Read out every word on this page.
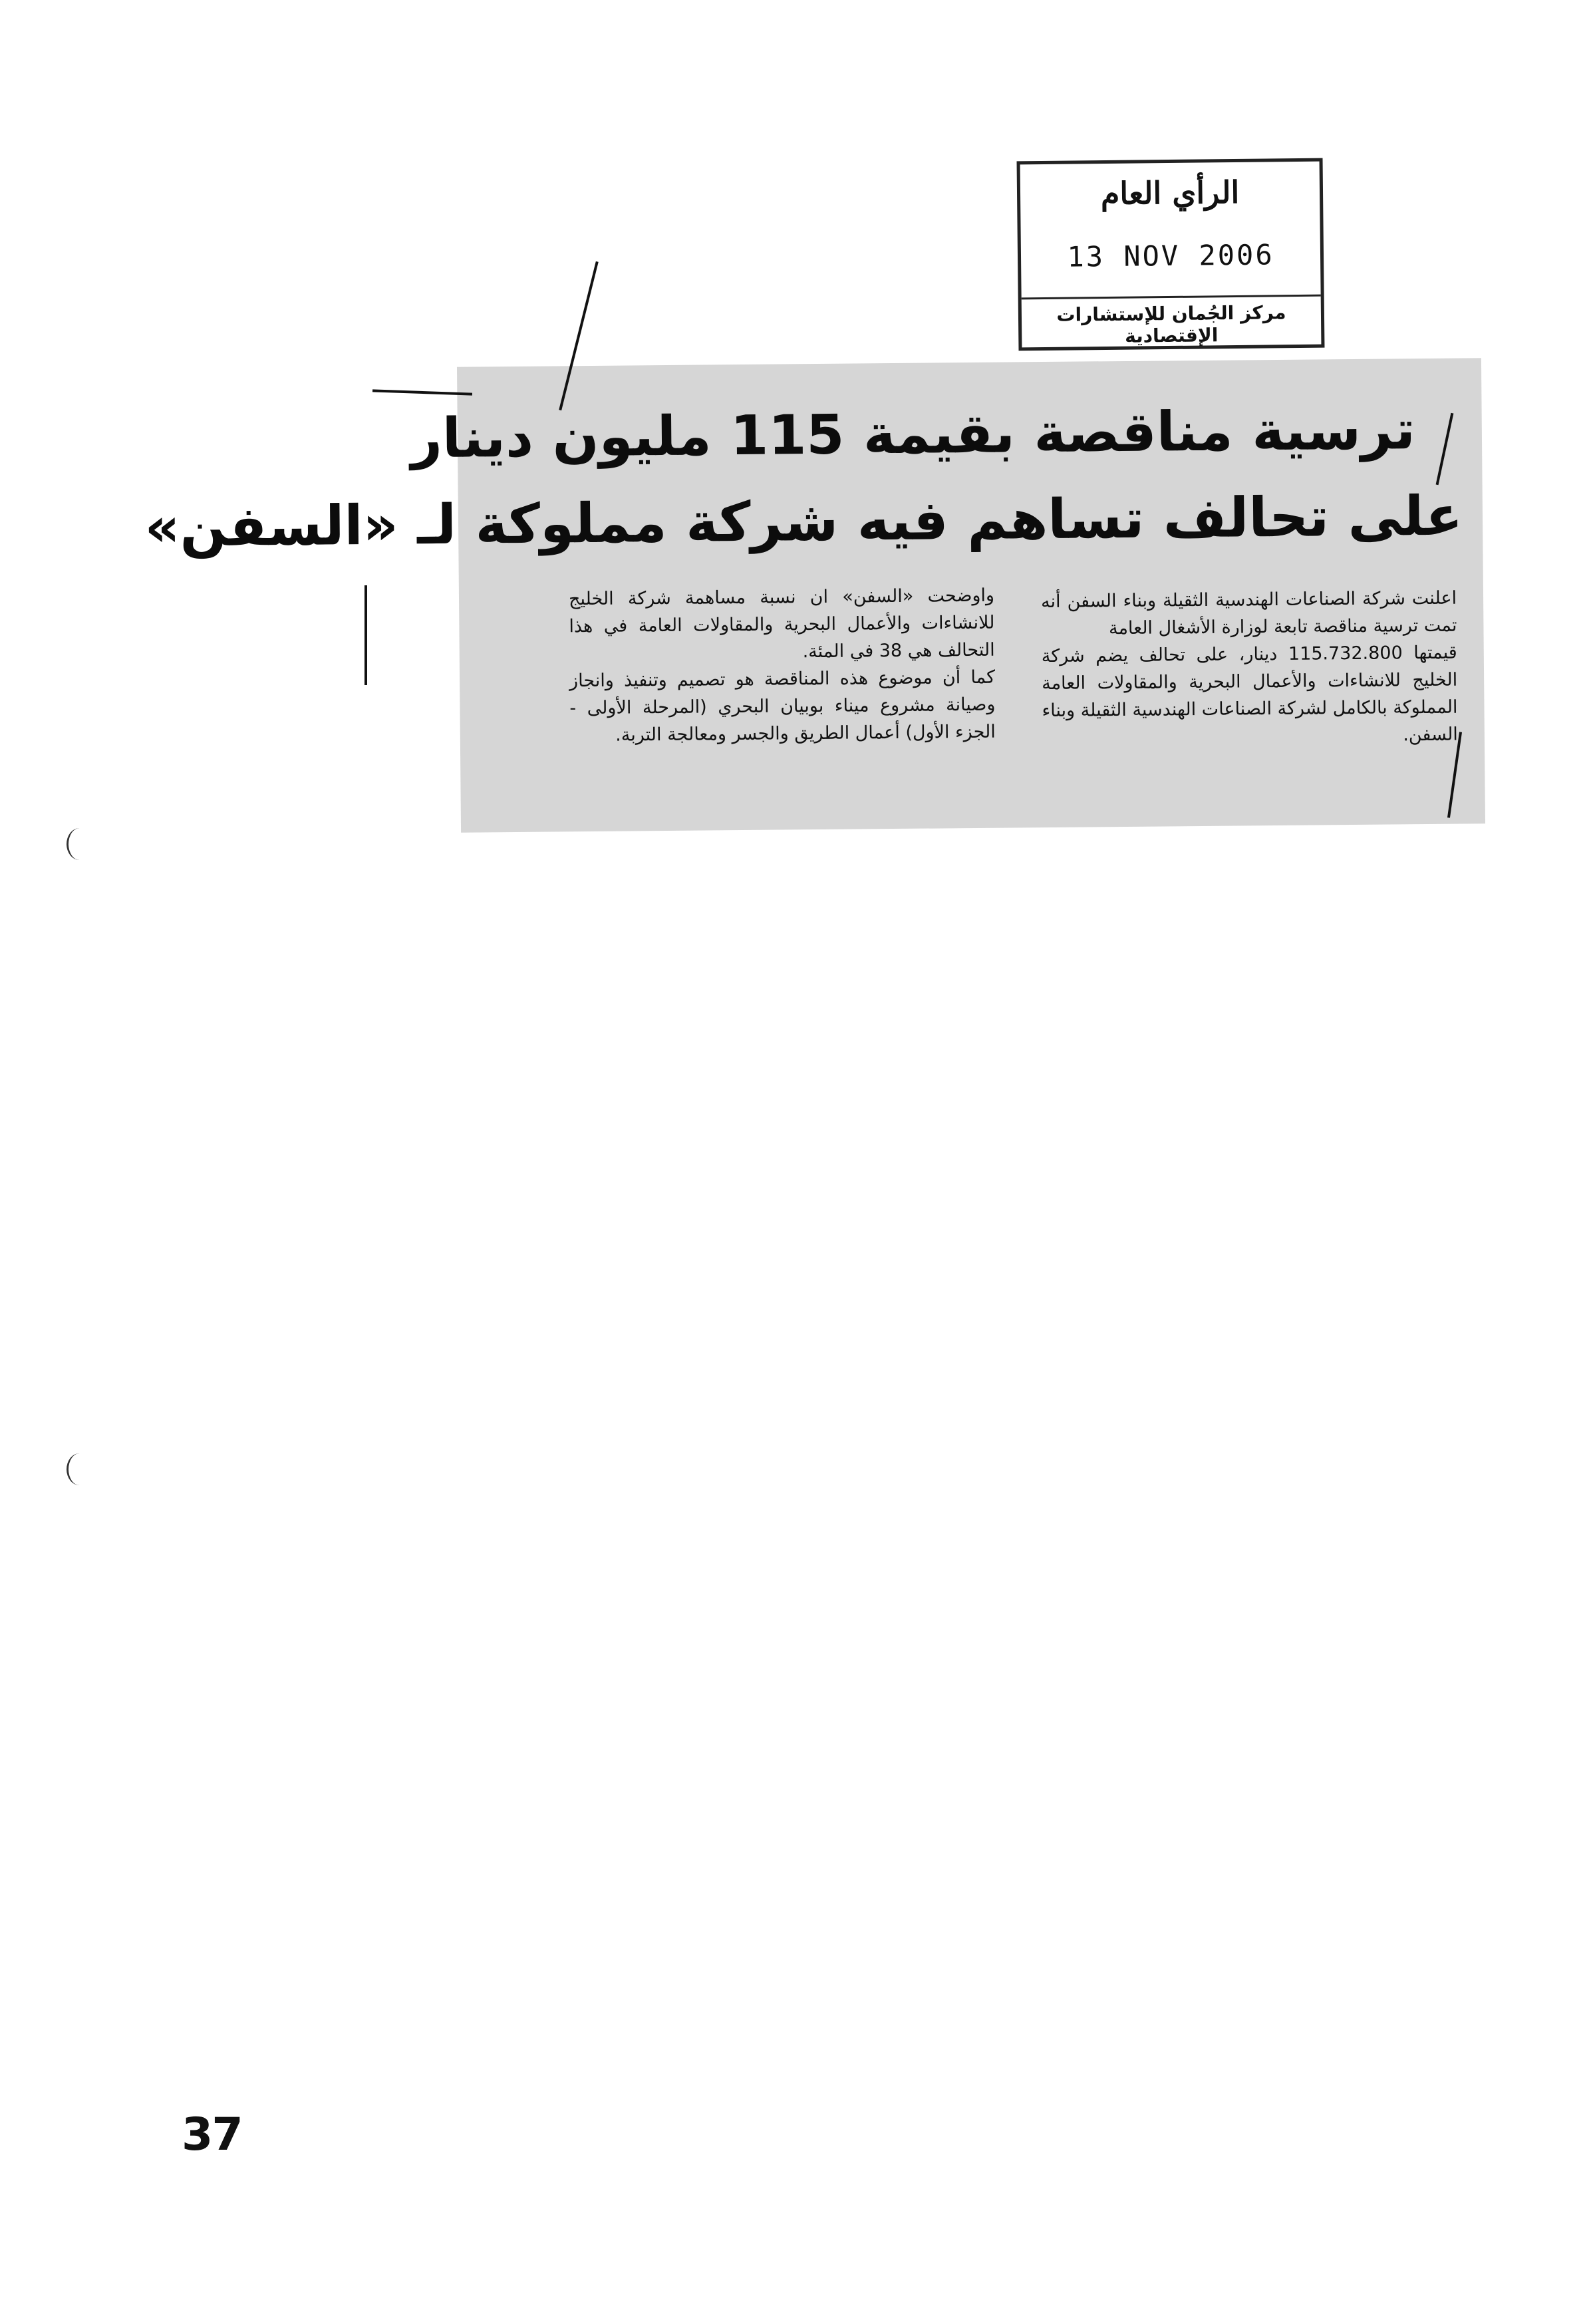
الرأي العام
13 NOV 2006
مركز الجُمان للإستشارات الإقتصادية
ترسية مناقصة بقيمة 115 مليون دينار
على تحالف تساهم فيه شركة مملوكة لـ «السفن»

اعلنت شركة الصناعات الهندسية الثقيلة وبناء السفن أنه تمت ترسية مناقصة تابعة لوزارة الأشغال العامة

قيمتها 115.732.800 دينار، على تحالف يضم شركة الخليج للانشاءات والأعمال البحرية والمقاولات العامة المملوكة بالكامل لشركة الصناعات الهندسية الثقيلة وبناء السفن.

واوضحت «السفن» ان نسبة مساهمة شركة الخليج للانشاءات والأعمال البحرية والمقاولات العامة في هذا التحالف هي 38 في المئة.

كما أن موضوع هذه المناقصة هو تصميم وتنفيذ وانجاز وصيانة مشروع ميناء بوبيان البحري (المرحلة الأولى - الجزء الأول) أعمال الطريق والجسر ومعالجة التربة.

37
